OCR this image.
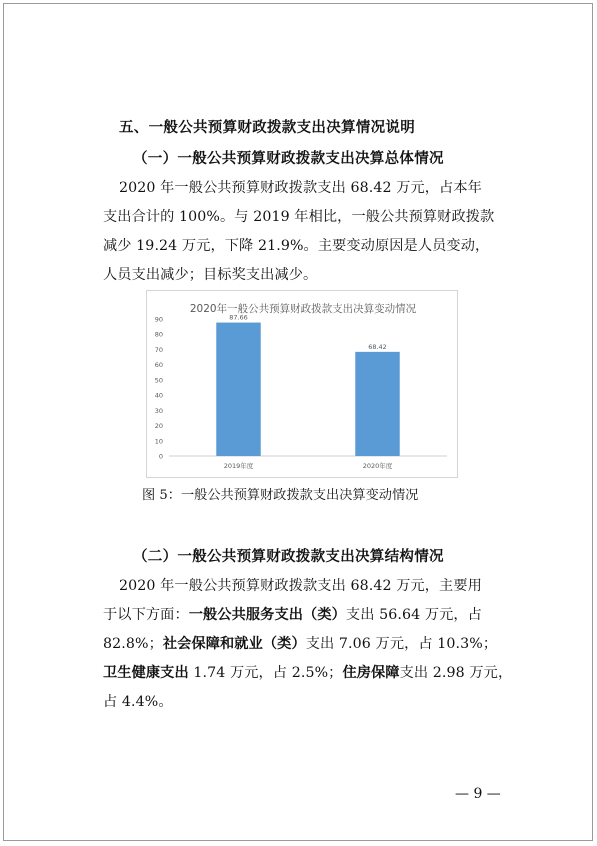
五、一般公共预算财政拨款支出决算情况说明
（一）一般公共预算财政拨款支出决算总体情况
2020 年一般公共预算财政拨款支出 68.42 万元，占本年
支出合计的 100%。与 2019 年相比，一般公共预算财政拨款
减少 19.24 万元，下降 21.9%。主要变动原因是人员变动，
人员支出减少；目标奖支出减少。
2020年一般公共预算财政拨款支出决算变动情况
0
10
20
30
40
50
60
70
80
90	87.66
2019年度
68.42
2020年度
图 5：一般公共预算财政拨款支出决算变动情况
（二）一般公共预算财政拨款支出决算结构情况
2020 年一般公共预算财政拨款支出 68.42 万元，主要用
于以下方面：一般公共服务支出（类）支出 56.64 万元，占
82.8%；社会保障和就业（类）支出 7.06 万元，占 10.3%；
卫生健康支出 1.74 万元，占 2.5%；住房保障支出 2.98 万元，
占 4.4%。
— 9 —
